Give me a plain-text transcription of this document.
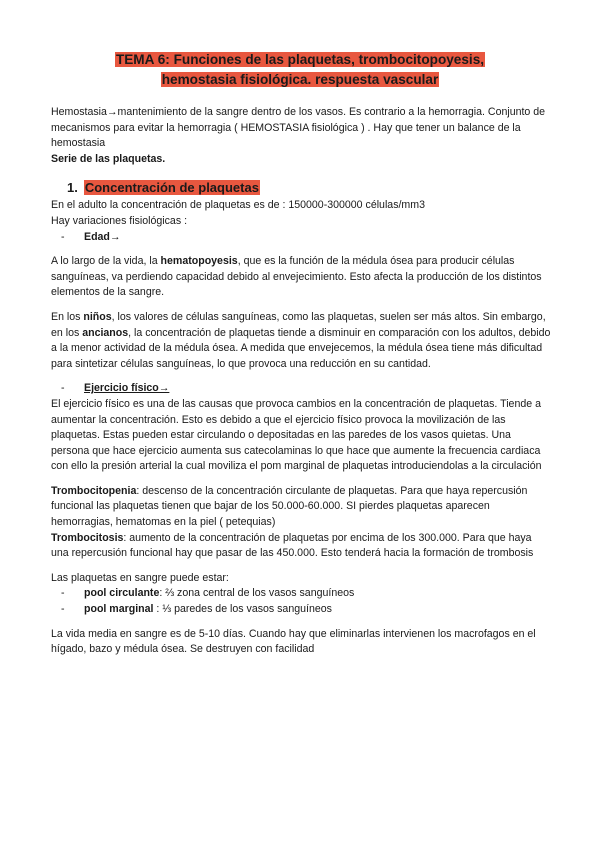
TEMA 6: Funciones de las plaquetas, trombocitopoyesis,
hemostasia fisiológica. respuesta vascular

Hemostasia→mantenimiento de la sangre dentro de los vasos. Es contrario a la hemorragia. Conjunto de mecanismos para evitar la hemorragia ( HEMOSTASIA fisiológica ) . Hay que tener un balance de la hemostasia

Serie de las plaquetas.

1. Concentración de plaquetas

En el adulto la concentración de plaquetas es de : 150000-300000 células/mm3

Hay variaciones fisiológicas :

- Edad→

A lo largo de la vida, la hematopoyesis, que es la función de la médula ósea para producir células sanguíneas, va perdiendo capacidad debido al envejecimiento. Esto afecta la producción de los distintos elementos de la sangre.

En los niños, los valores de células sanguíneas, como las plaquetas, suelen ser más altos. Sin embargo, en los ancianos, la concentración de plaquetas tiende a disminuir en comparación con los adultos, debido a la menor actividad de la médula ósea. A medida que envejecemos, la médula ósea tiene más dificultad para sintetizar células sanguíneas, lo que provoca una reducción en su cantidad.

- Ejercicio físico→

El ejercicio físico es una de las causas que provoca cambios en la concentración de plaquetas. Tiende a aumentar la concentración. Esto es debido a que el ejercicio físico provoca la movilización de las plaquetas. Estas pueden estar circulando o depositadas en las paredes de los vasos quietas. Una persona que hace ejercicio aumenta sus catecolaminas lo que hace que aumente la frecuencia cardiaca con ello la presión arterial la cual moviliza el pom marginal de plaquetas introduciendolas a la circulación

Trombocitopenia: descenso de la concentración circulante de plaquetas. Para que haya repercusión funcional las plaquetas tienen que bajar de los 50.000-60.000. SI pierdes plaquetas aparecen hemorragias, hematomas en la piel ( petequias)

Trombocitosis: aumento de la concentración de plaquetas por encima de los 300.000. Para que haya una repercusión funcional hay que pasar de las 450.000. Esto tenderá hacia la formación de trombosis

Las plaquetas en sangre puede estar:

- pool circulante: ⅔ zona central de los vasos sanguíneos

- pool marginal : ⅓ paredes de los vasos sanguíneos

La vida media en sangre es de 5-10 días. Cuando hay que eliminarlas intervienen los macrofagos en el hígado, bazo y médula ósea. Se destruyen con facilidad
